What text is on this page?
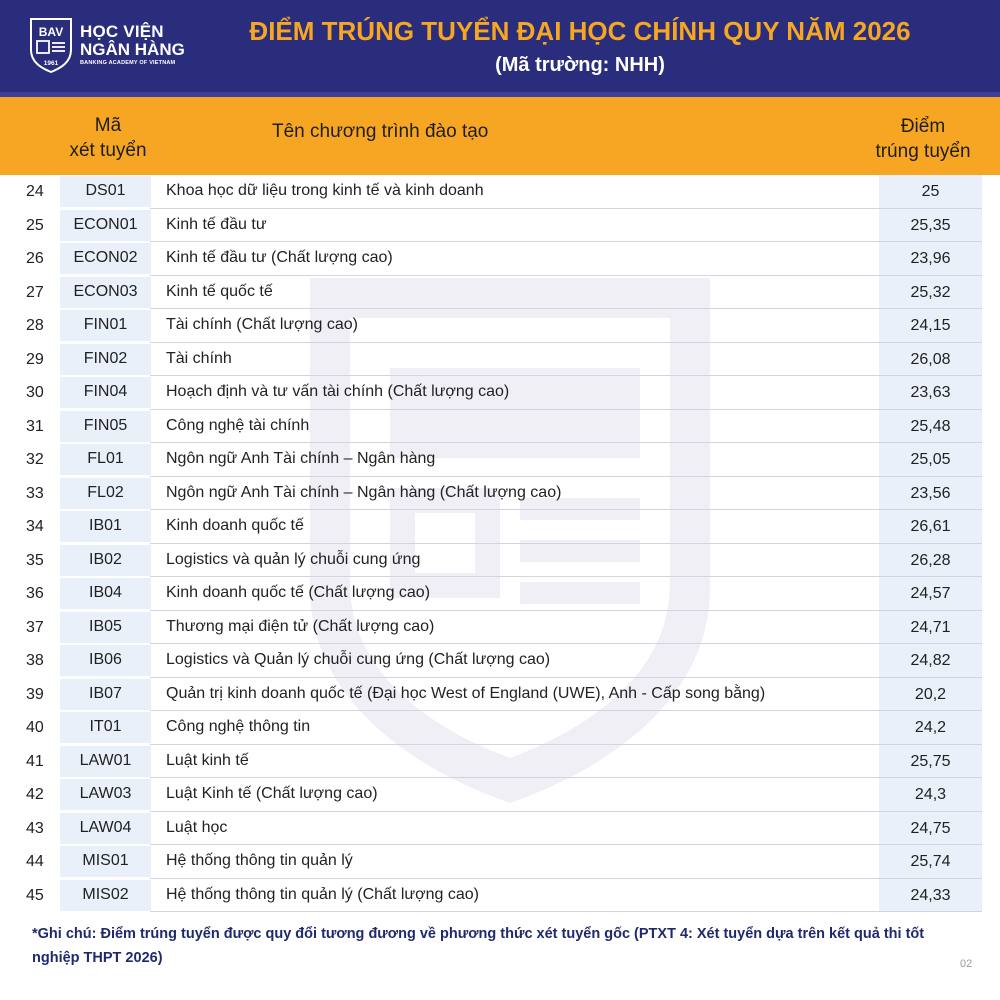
BAV
1961
HỌC VIỆN
NGÂN HÀNG
BANKING ACADEMY OF VIETNAM
ĐIỂM TRÚNG TUYỂN ĐẠI HỌC CHÍNH QUY NĂM 2026
(Mã trường: NHH)
Mã
xét tuyển
Tên chương trình đào tạo	Điểm
trúng tuyển
24	DS01	Khoa học dữ liệu trong kinh tế và kinh doanh	25
25	ECON01	Kinh tế đầu tư	25,35
26	ECON02	Kinh tế đầu tư (Chất lượng cao)	23,96
27	ECON03	Kinh tế quốc tế	25,32
28	FIN01	Tài chính (Chất lượng cao)	24,15
29	FIN02	Tài chính	26,08
30	FIN04	Hoạch định và tư vấn tài chính (Chất lượng cao)	23,63
31	FIN05	Công nghệ tài chính	25,48
32	FL01	Ngôn ngữ Anh Tài chính – Ngân hàng	25,05
33	FL02	Ngôn ngữ Anh Tài chính – Ngân hàng (Chất lượng cao)	23,56
34	IB01	Kinh doanh quốc tế	26,61
35	IB02	Logistics và quản lý chuỗi cung ứng	26,28
36	IB04	Kinh doanh quốc tế (Chất lượng cao)	24,57
37	IB05	Thương mại điện tử (Chất lượng cao)	24,71
38	IB06	Logistics và Quản lý chuỗi cung ứng (Chất lượng cao)	24,82
39	IB07	Quản trị kinh doanh quốc tế (Đại học West of England (UWE), Anh - Cấp song bằng)	20,2
40	IT01	Công nghệ thông tin	24,2
41	LAW01	Luật kinh tế	25,75
42	LAW03	Luật Kinh tế (Chất lượng cao)	24,3
43	LAW04	Luật học	24,75
44	MIS01	Hệ thống thông tin quản lý	25,74
45	MIS02	Hệ thống thông tin quản lý (Chất lượng cao)	24,33
*Ghi chú: Điểm trúng tuyển được quy đổi tương đương về phương thức xét tuyển gốc (PTXT 4: Xét tuyển dựa trên kết quả thi tốt nghiệp THPT 2026)	02
